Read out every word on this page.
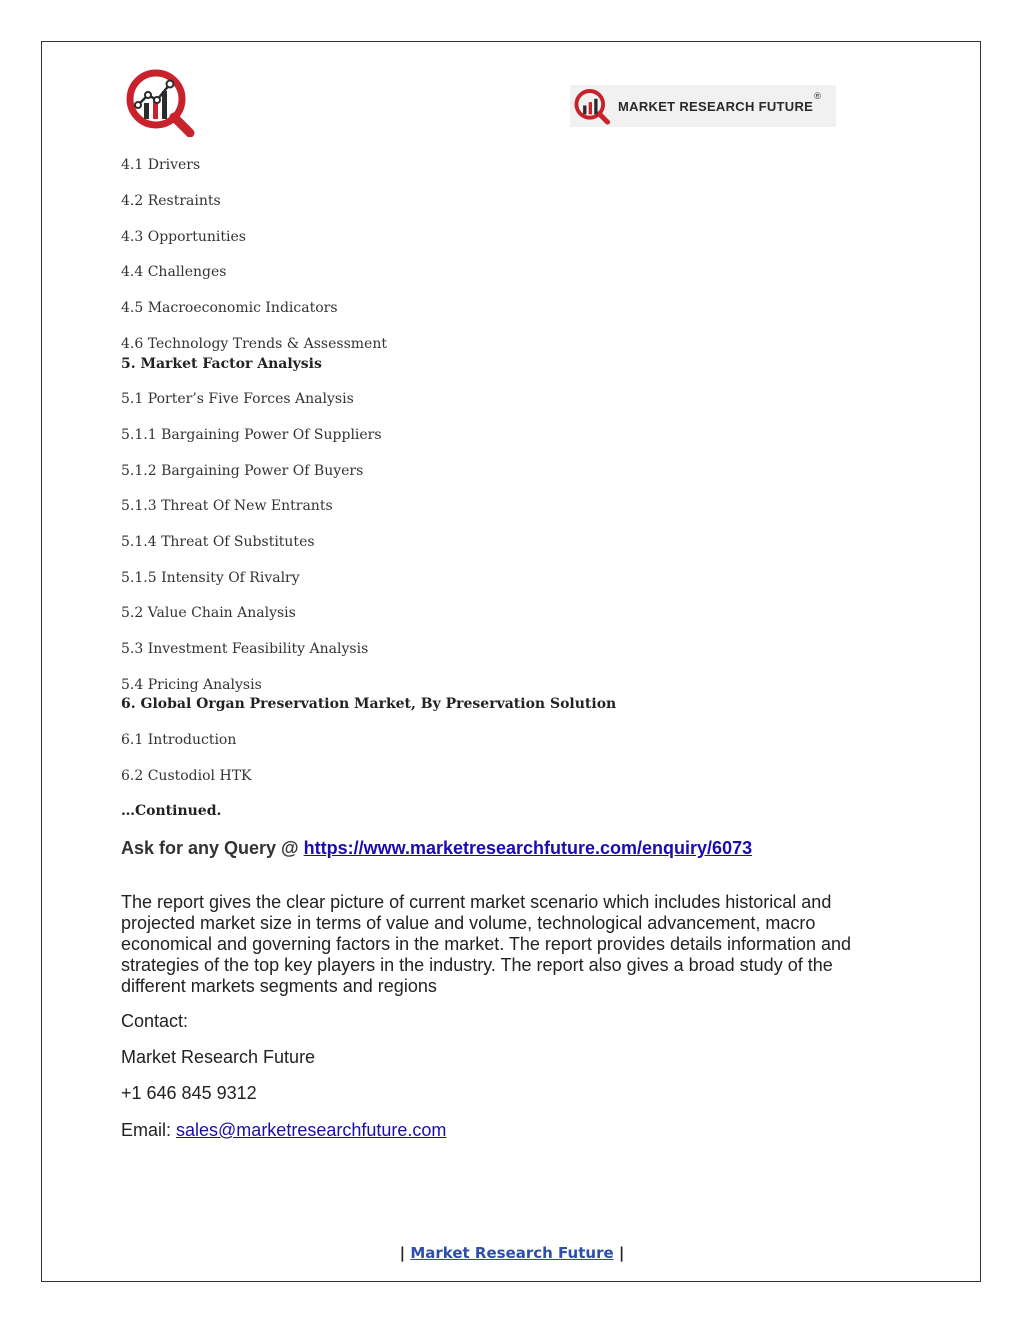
MARKET RESEARCH FUTURE
®
4.1 Drivers
4.2 Restraints
4.3 Opportunities
4.4 Challenges
4.5 Macroeconomic Indicators
4.6 Technology Trends & Assessment
5. Market Factor Analysis
5.1 Porter’s Five Forces Analysis
5.1.1 Bargaining Power Of Suppliers
5.1.2 Bargaining Power Of Buyers
5.1.3 Threat Of New Entrants
5.1.4 Threat Of Substitutes
5.1.5 Intensity Of Rivalry
5.2 Value Chain Analysis
5.3 Investment Feasibility Analysis
5.4 Pricing Analysis
6. Global Organ Preservation Market, By Preservation Solution
6.1 Introduction
6.2 Custodiol HTK
…Continued.
Ask for any Query @ https://www.marketresearchfuture.com/enquiry/6073
The report gives the clear picture of current market scenario which includes historical and projected market size in terms of value and volume, technological advancement, macro economical and governing factors in the market. The report provides details information and strategies of the top key players in the industry. The report also gives a broad study of the different markets segments and regions
Contact:
Market Research Future
+1 646 845 9312
Email: sales@marketresearchfuture.com
| Market Research Future |
